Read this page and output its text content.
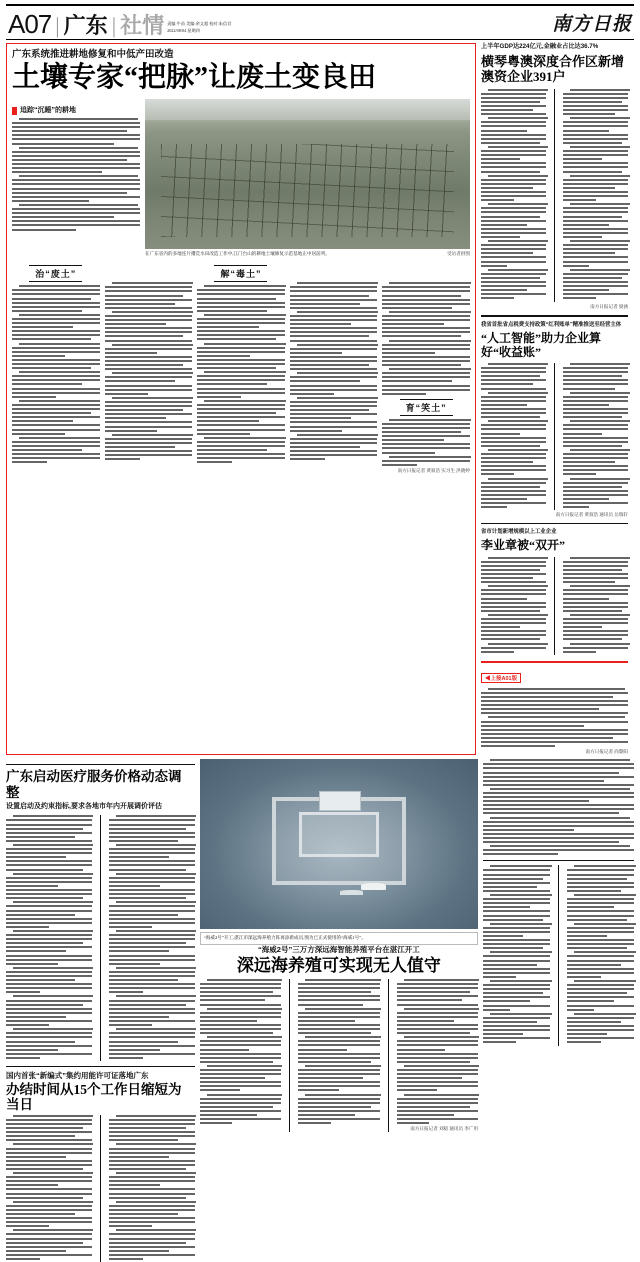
A07 | 广东 | 社情 责编:牛苗 美编:余文超 校对:朱信君
2022/08/04 星期四	南方日报
广东系统推进耕地修复和中低产田改造
土壤专家“把脉”让废土变良田
追踪“沉睡”的耕地
在广东省内的多地连片撂荒水田改造工作中,江门台山的耕地土壤修复示范基地正中居前列。	受访者供图
治“废土”	解“毒土”
育“笑土”
南方日报记者 黄叙浩 实习生 洪晓婷
上半年GDP达224亿元,金融业占比达36.7%
横琴粤澳深度合作区新增澳资企业391户
南方日报记者 梁涵
我省首批省点税费支持政策“红利账单”精准推送至经营主体
“人工智能”助力企业算好“收益账”
南方日报记者 黄叙浩 通讯员 岳瑞轩
省市计划新增规模以上工业企业
李业章被“双开”
◀上接A01版
南方日报记者 尚黎阳
广东启动医疗服务价格动态调整
设置启动及约束指标,要求各地市年内开展调价评估
国内首张“新编式”集约用能许可证落地广东
办结时间从15个工作日缩短为当日
“海威2号”开工,湛江市深远海养殖力阵再添新成员,图为已正式使用的“海威1号”。
“海威2号”三万方深远海智能养殖平台在湛江开工
深远海养殖可实现无人值守
南方日报记者 刘稳 通讯员 李广用
